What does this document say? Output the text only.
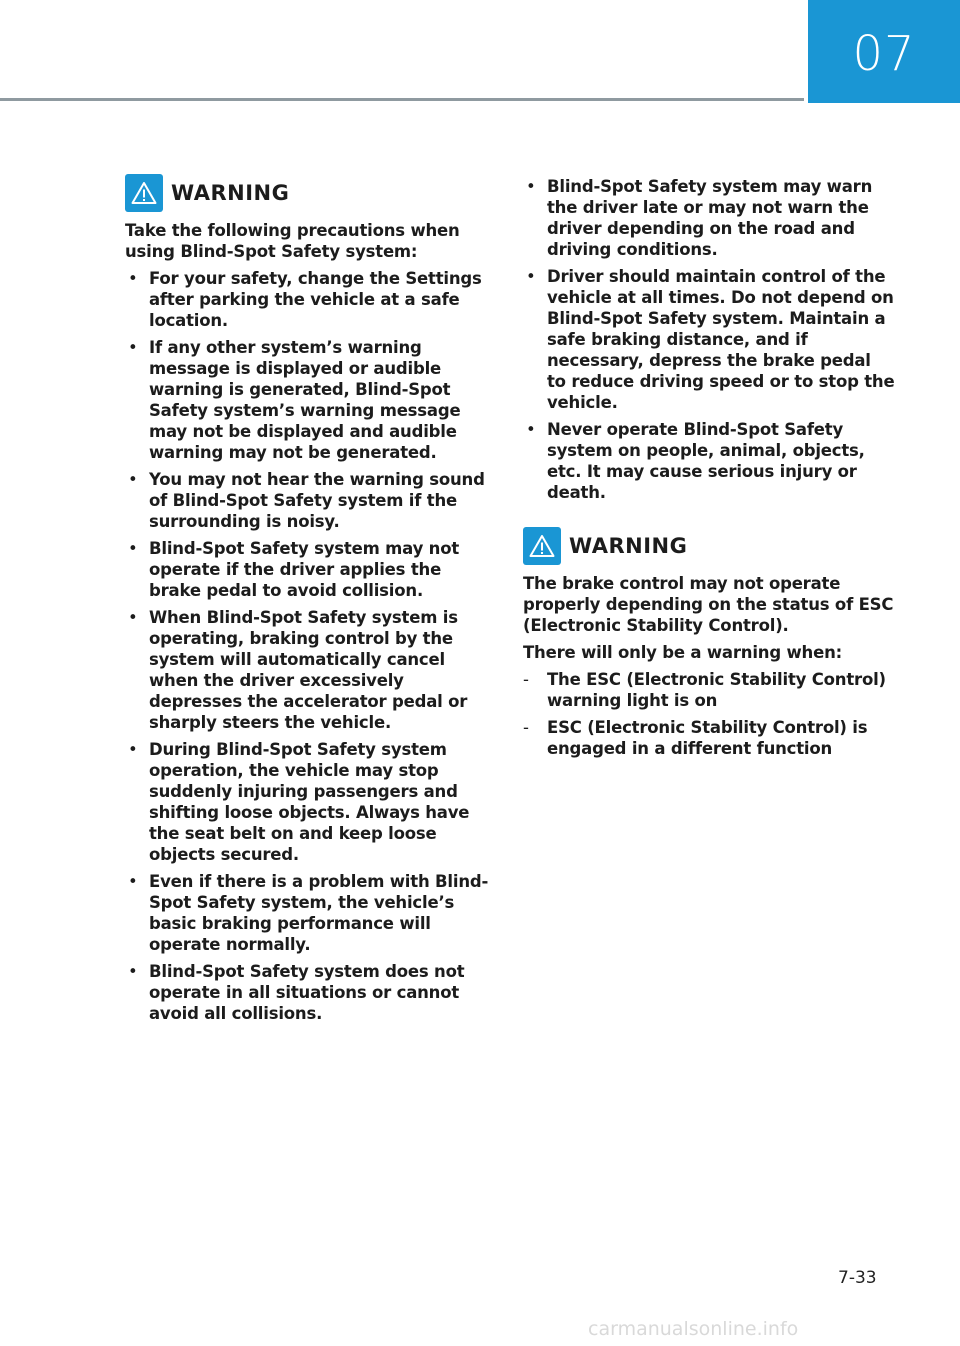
07
WARNING

Take the following precautions when using Blind-Spot Safety system:

• For your safety, change the Settings after parking the vehicle at a safe location.
• If any other system’s warning message is displayed or audible warning is generated, Blind-Spot Safety system’s warning message may not be displayed and audible warning may not be generated.
• You may not hear the warning sound of Blind-Spot Safety system if the surrounding is noisy.
• Blind-Spot Safety system may not operate if the driver applies the brake pedal to avoid collision.
• When Blind-Spot Safety system is operating, braking control by the system will automatically cancel when the driver excessively depresses the accelerator pedal or sharply steers the vehicle.
• During Blind-Spot Safety system operation, the vehicle may stop suddenly injuring passengers and shifting loose objects. Always have the seat belt on and keep loose objects secured.
• Even if there is a problem with Blind-Spot Safety system, the vehicle’s basic braking performance will operate normally.
• Blind-Spot Safety system does not operate in all situations or cannot avoid all collisions.
• Blind-Spot Safety system may warn the driver late or may not warn the driver depending on the road and driving conditions.
• Driver should maintain control of the vehicle at all times. Do not depend on Blind-Spot Safety system. Maintain a safe braking distance, and if necessary, depress the brake pedal to reduce driving speed or to stop the vehicle.
• Never operate Blind-Spot Safety system on people, animal, objects, etc. It may cause serious injury or death.
WARNING

The brake control may not operate properly depending on the status of ESC (Electronic Stability Control).

There will only be a warning when:

- The ESC (Electronic Stability Control) warning light is on
- ESC (Electronic Stability Control) is engaged in a different function
7-33
carmanualsonline.info
